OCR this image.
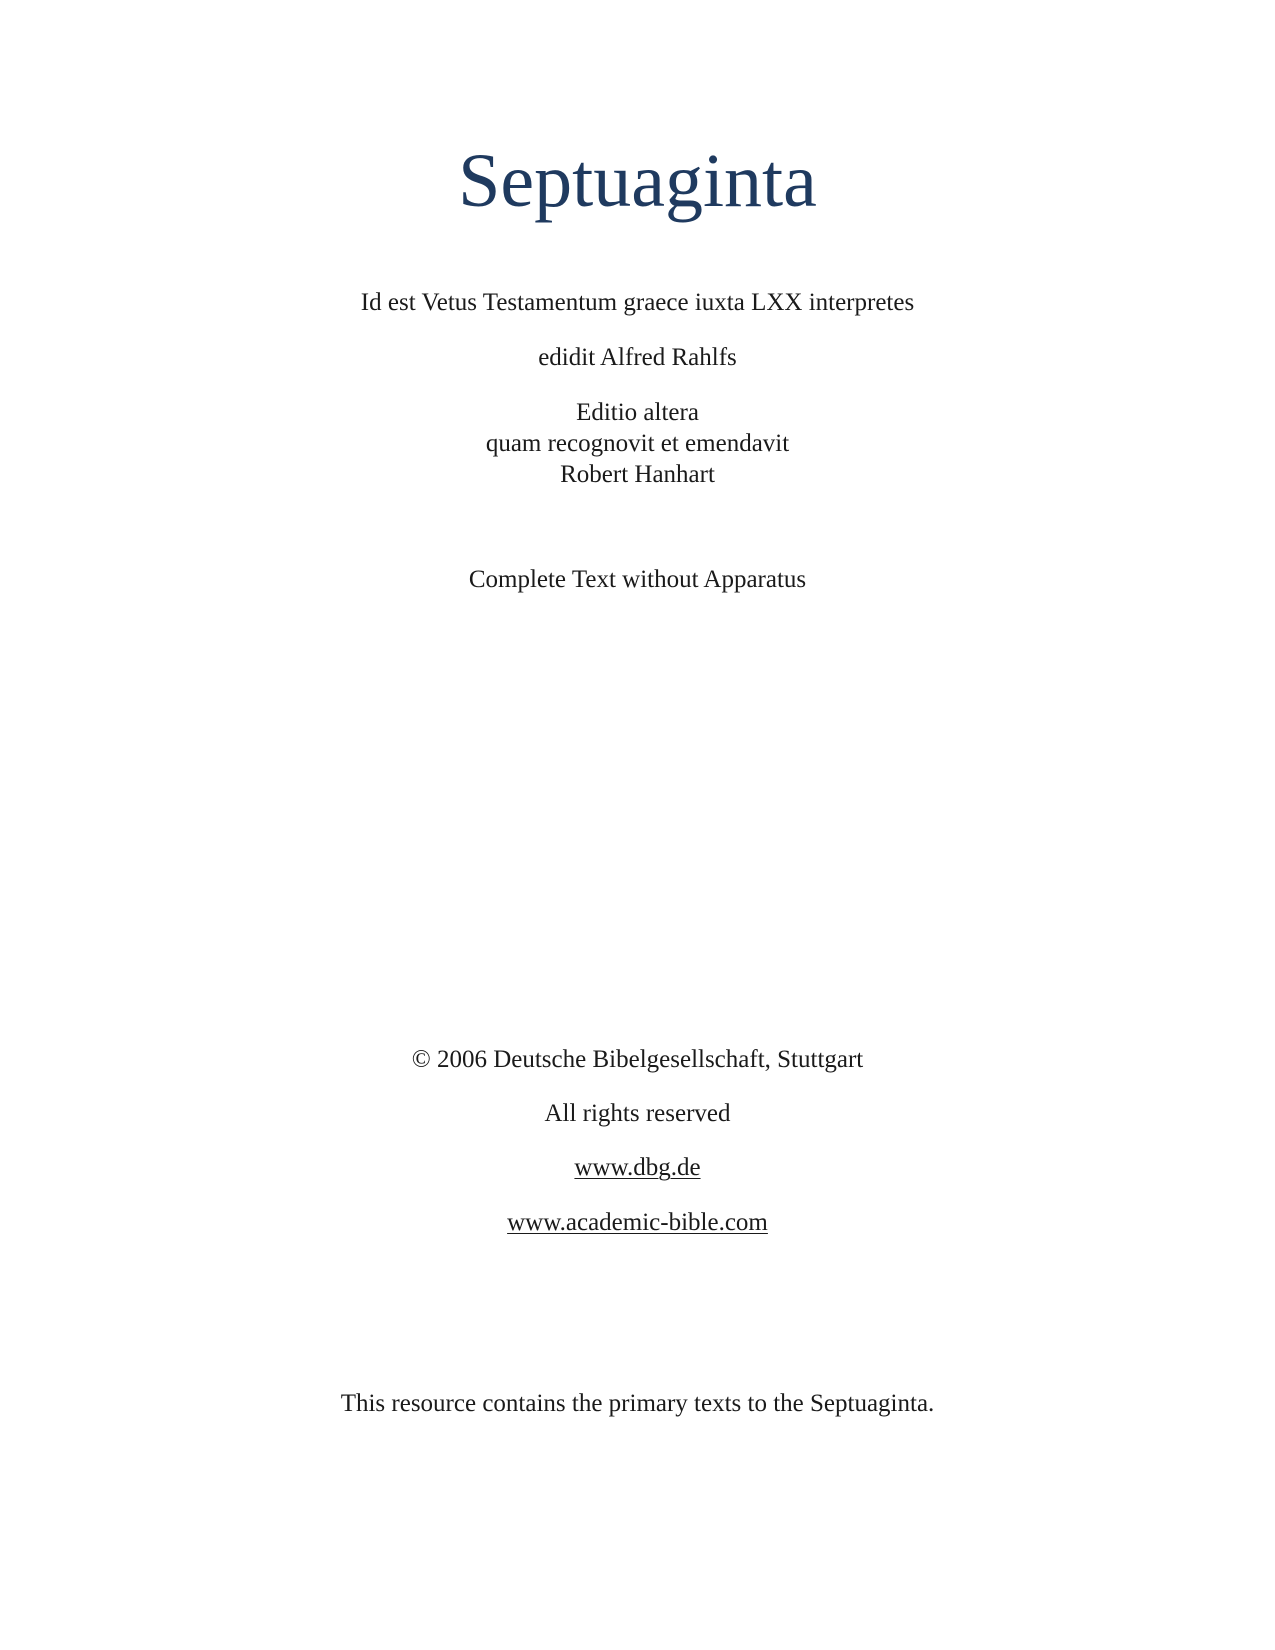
Septuaginta
Id est Vetus Testamentum graece iuxta LXX interpretes
edidit Alfred Rahlfs
Editio altera
quam recognovit et emendavit
Robert Hanhart
Complete Text without Apparatus
© 2006 Deutsche Bibelgesellschaft, Stuttgart
All rights reserved
www.dbg.de
www.academic-bible.com
This resource contains the primary texts to the Septuaginta.
